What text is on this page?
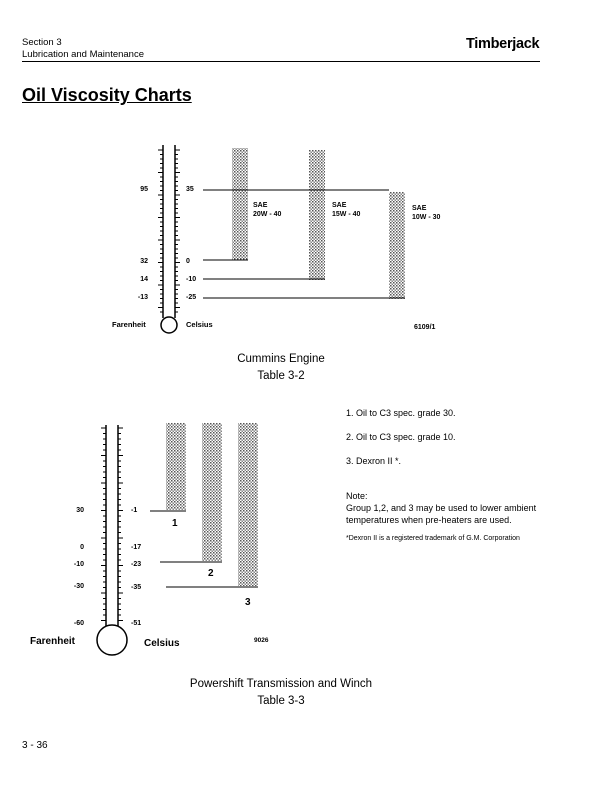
Section 3
Lubrication and Maintenance
Timberjack
Oil Viscosity Charts
95
32
14
-13
35
0
-10
-25
Farenheit	Celsius	6109/1
SAE
20W - 40
SAE
15W - 40
SAE
10W - 30
30
0
-10
-30
-60
-1
-17
-23
-35
-51
Farenheit	Celsius	9026
1
2
3
Cummins Engine
Table 3-2

1. Oil to C3 spec. grade 30.

2. Oil to C3 spec. grade 10.

3. Dexron II *.

Note:

Group 1,2, and 3 may be used to lower ambient temperatures when pre-heaters are used.

*Dexron II is a registered trademark of G.M. Corporation

Powershift Transmission and Winch
Table 3-3
3 - 36
